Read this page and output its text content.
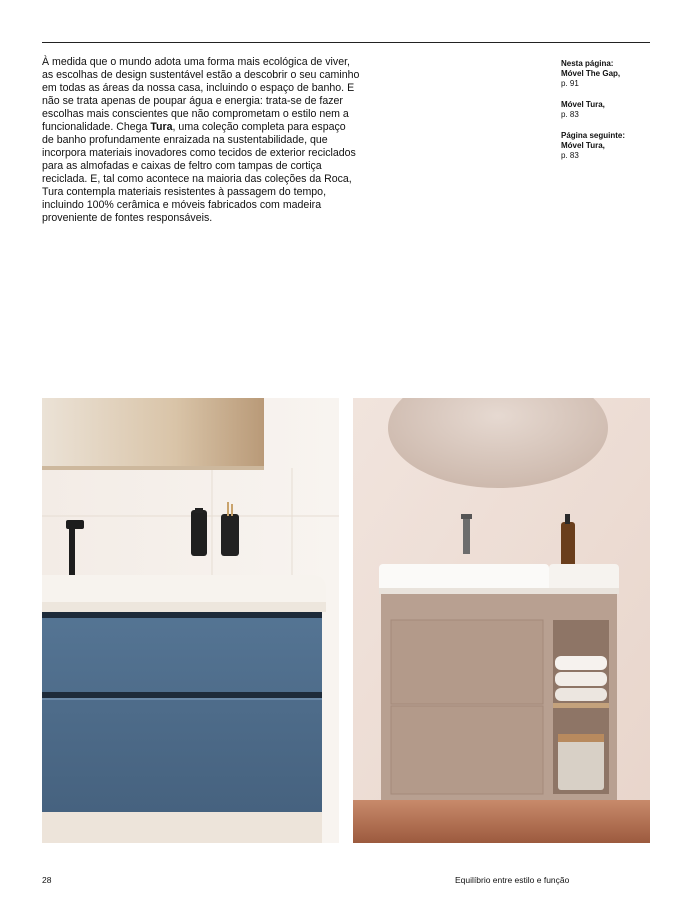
À medida que o mundo adota uma forma mais ecológica de viver, as escolhas de design sustentável estão a descobrir o seu caminho em todas as áreas da nossa casa, incluindo o espaço de banho. E não se trata apenas de poupar água e energia: trata-se de fazer escolhas mais conscientes que não comprometam o estilo nem a funcionalidade. Chega Tura, uma coleção completa para espaço de banho profundamente enraizada na sustentabilidade, que incorpora materiais inovadores como tecidos de exterior reciclados para as almofadas e caixas de feltro com tampas de cortiça reciclada. E, tal como acontece na maioria das coleções da Roca, Tura contempla materiais resistentes à passagem do tempo, incluindo 100% cerâmica e móveis fabricados com madeira proveniente de fontes responsáveis.
Nesta página:
Móvel The Gap,
p. 91
Móvel Tura,
p. 83
Página seguinte:
Móvel Tura,
p. 83
28	Equilíbrio entre estilo e função
